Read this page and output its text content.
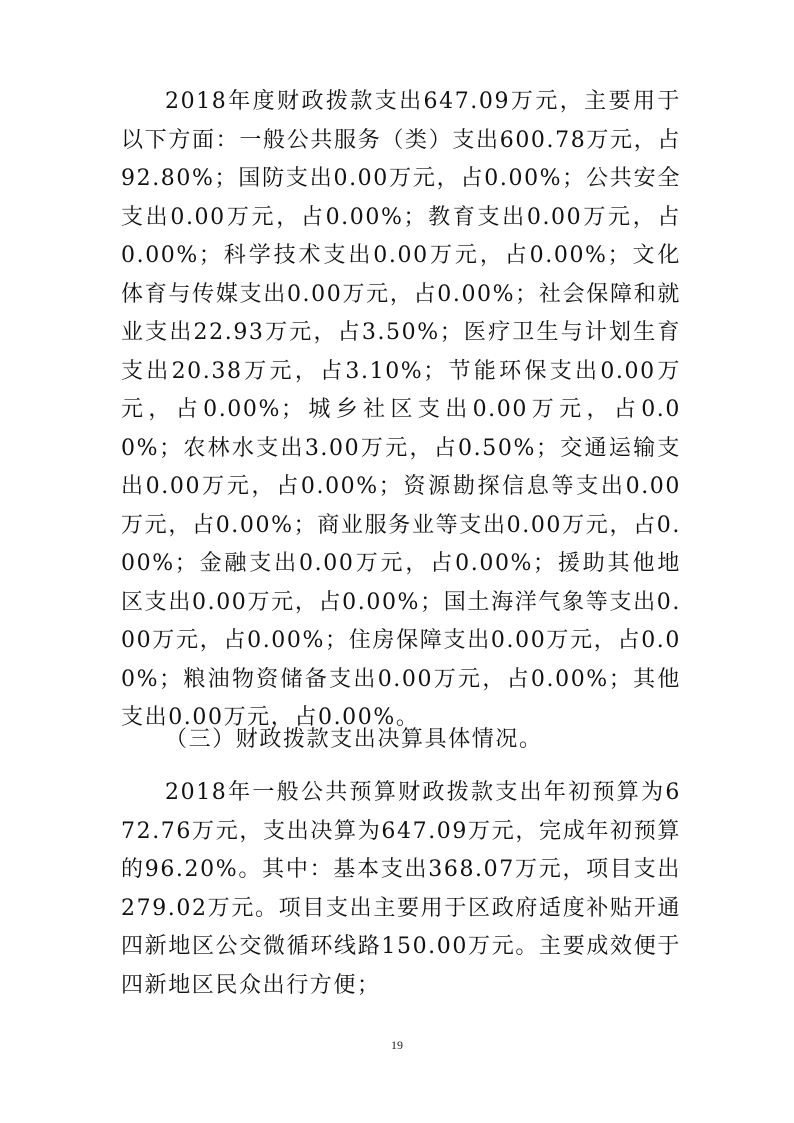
2018年度财政拨款支出647.09万元，主要用于以下方面：一般公共服务（类）支出600.78万元，占92.80%；国防支出0.00万元，占0.00%；公共安全支出0.00万元，占0.00%；教育支出0.00万元，占0.00%；科学技术支出0.00万元，占0.00%；文化体育与传媒支出0.00万元，占0.00%；社会保障和就业支出22.93万元，占3.50%；医疗卫生与计划生育支出20.38万元，占3.10%；节能环保支出0.00万元，占0.00%；城乡社区支出0.00万元，占0.00%；农林水支出3.00万元，占0.50%；交通运输支出0.00万元，占0.00%；资源勘探信息等支出0.00万元，占0.00%；商业服务业等支出0.00万元，占0.00%；金融支出0.00万元，占0.00%；援助其他地区支出0.00万元，占0.00%；国土海洋气象等支出0.00万元，占0.00%；住房保障支出0.00万元，占0.00%；粮油物资储备支出0.00万元，占0.00%；其他支出0.00万元，占0.00%。

（三）财政拨款支出决算具体情况。

2018年一般公共预算财政拨款支出年初预算为672.76万元，支出决算为647.09万元，完成年初预算的96.20%。其中：基本支出368.07万元，项目支出279.02万元。项目支出主要用于区政府适度补贴开通四新地区公交微循环线路150.00万元。主要成效便于四新地区民众出行方便；

19
